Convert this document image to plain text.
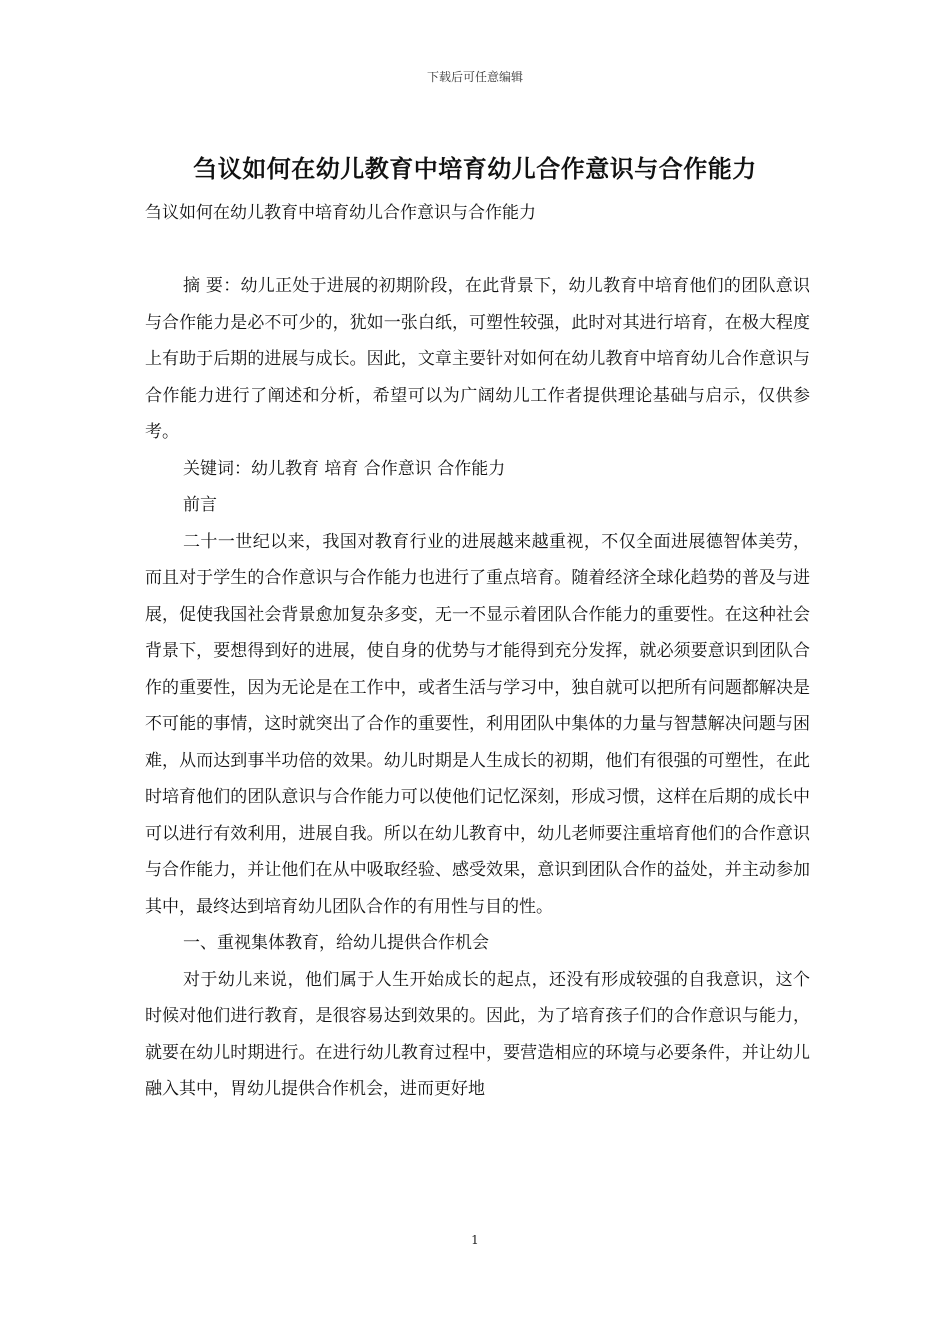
下载后可任意编辑
刍议如何在幼儿教育中培育幼儿合作意识与合作能力
刍议如何在幼儿教育中培育幼儿合作意识与合作能力

摘 要：幼儿正处于进展的初期阶段，在此背景下，幼儿教育中培育他们的团队意识与合作能力是必不可少的，犹如一张白纸，可塑性较强，此时对其进行培育，在极大程度上有助于后期的进展与成长。因此，文章主要针对如何在幼儿教育中培育幼儿合作意识与合作能力进行了阐述和分析，希望可以为广阔幼儿工作者提供理论基础与启示，仅供参考。

关键词：幼儿教育 培育 合作意识 合作能力

前言

二十一世纪以来，我国对教育行业的进展越来越重视，不仅全面进展德智体美劳，而且对于学生的合作意识与合作能力也进行了重点培育。随着经济全球化趋势的普及与进展，促使我国社会背景愈加复杂多变，无一不显示着团队合作能力的重要性。在这种社会背景下，要想得到好的进展，使自身的优势与才能得到充分发挥，就必须要意识到团队合作的重要性，因为无论是在工作中，或者生活与学习中，独自就可以把所有问题都解决是不可能的事情，这时就突出了合作的重要性，利用团队中集体的力量与智慧解决问题与困难，从而达到事半功倍的效果。幼儿时期是人生成长的初期，他们有很强的可塑性，在此时培育他们的团队意识与合作能力可以使他们记忆深刻，形成习惯，这样在后期的成长中可以进行有效利用，进展自我。所以在幼儿教育中，幼儿老师要注重培育他们的合作意识与合作能力，并让他们在从中吸取经验、感受效果，意识到团队合作的益处，并主动参加其中，最终达到培育幼儿团队合作的有用性与目的性。

一、重视集体教育，给幼儿提供合作机会

对于幼儿来说，他们属于人生开始成长的起点，还没有形成较强的自我意识，这个时候对他们进行教育，是很容易达到效果的。因此，为了培育孩子们的合作意识与能力，就要在幼儿时期进行。在进行幼儿教育过程中，要营造相应的环境与必要条件，并让幼儿融入其中，胃幼儿提供合作机会，进而更好地

1
